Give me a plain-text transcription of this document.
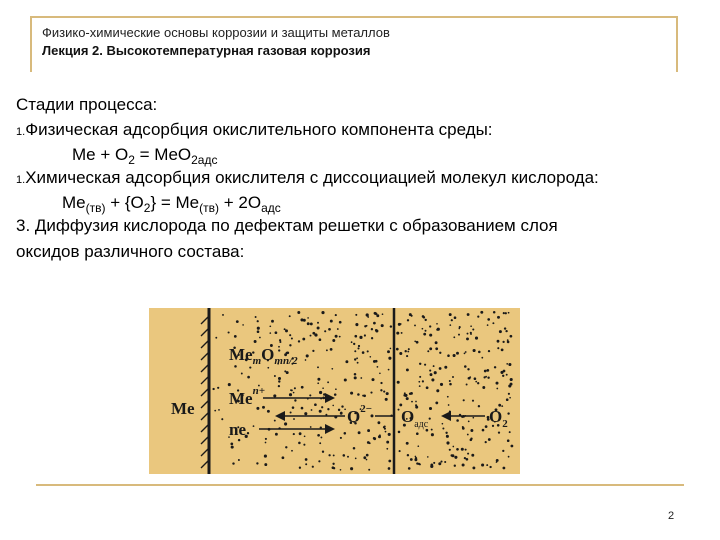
Физико-химические основы коррозии и защиты металлов
Лекция 2. Высокотемпературная газовая коррозия
Стадии процесса:
1.Физическая адсорбция окислительного компонента среды:
$Me + O_2 = MeO_{2адс}$
1.Химическая адсорбция окислителя с диссоциацией молекул кислорода:
$Me_{(тв)} + \{O_2\} = Me_{(тв)} + 2O_{адс}$
3. Диффузия кислорода по дефектам решетки с образованием слоя
оксидов различного состава:
Me
$Me_mO_{mn/2}$
$Me^{n+}$
ne
$O^{2-}$ $O_{адс}$	$O_2$
2
